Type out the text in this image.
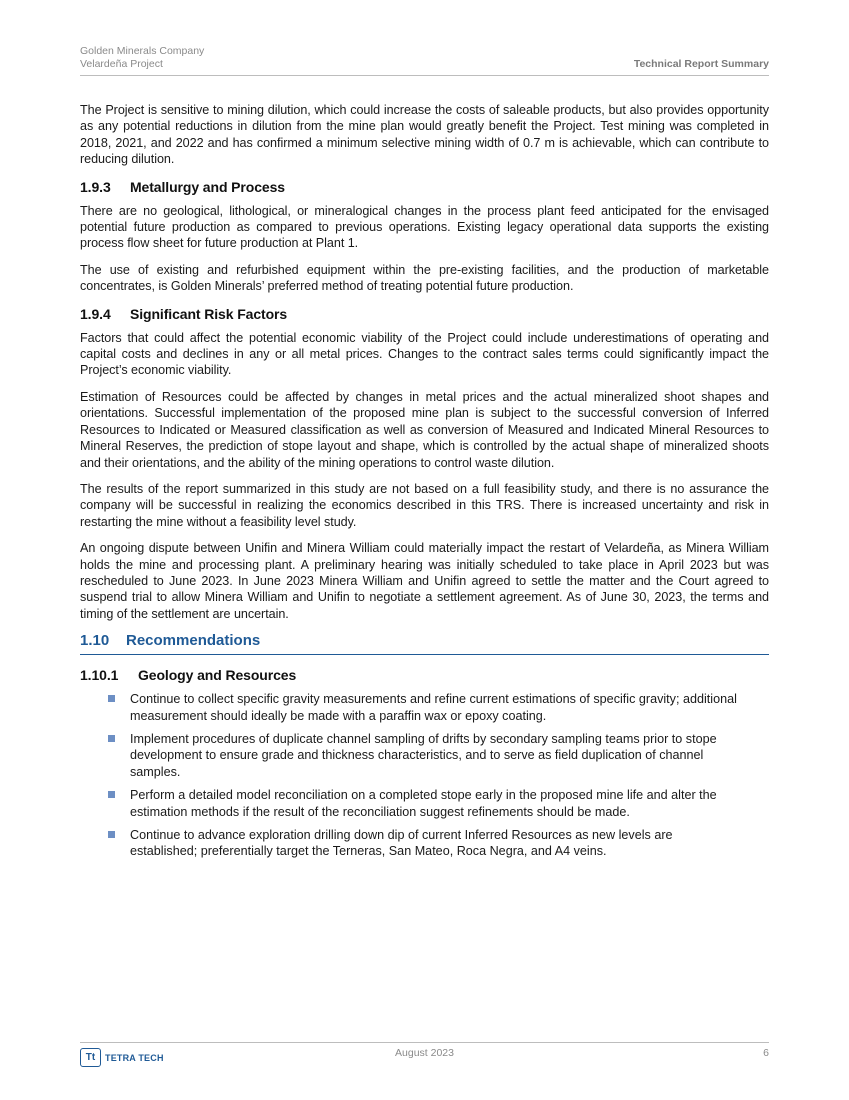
Golden Minerals Company
Velardeña Project	Technical Report Summary

The Project is sensitive to mining dilution, which could increase the costs of saleable products, but also provides opportunity as any potential reductions in dilution from the mine plan would greatly benefit the Project. Test mining was completed in 2018, 2021, and 2022 and has confirmed a minimum selective mining width of 0.7 m is achievable, which can contribute to reducing dilution.

1.9.3 Metallurgy and Process

There are no geological, lithological, or mineralogical changes in the process plant feed anticipated for the envisaged potential future production as compared to previous operations. Existing legacy operational data supports the existing process flow sheet for future production at Plant 1.

The use of existing and refurbished equipment within the pre-existing facilities, and the production of marketable concentrates, is Golden Minerals’ preferred method of treating potential future production.

1.9.4 Significant Risk Factors

Factors that could affect the potential economic viability of the Project could include underestimations of operating and capital costs and declines in any or all metal prices. Changes to the contract sales terms could significantly impact the Project’s economic viability.

Estimation of Resources could be affected by changes in metal prices and the actual mineralized shoot shapes and orientations. Successful implementation of the proposed mine plan is subject to the successful conversion of Inferred Resources to Indicated or Measured classification as well as conversion of Measured and Indicated Mineral Resources to Mineral Reserves, the prediction of stope layout and shape, which is controlled by the actual shape of mineralized shoots and their orientations, and the ability of the mining operations to control waste dilution.

The results of the report summarized in this study are not based on a full feasibility study, and there is no assurance the company will be successful in realizing the economics described in this TRS. There is increased uncertainty and risk in restarting the mine without a feasibility level study.

An ongoing dispute between Unifin and Minera William could materially impact the restart of Velardeña, as Minera William holds the mine and processing plant. A preliminary hearing was initially scheduled to take place in April 2023 but was rescheduled to June 2023. In June 2023 Minera William and Unifin agreed to settle the matter and the Court agreed to suspend trial to allow Minera William and Unifin to negotiate a settlement agreement. As of June 30, 2023, the terms and timing of the settlement are uncertain.

1.10 Recommendations
1.10.1 Geology and Resources
Continue to collect specific gravity measurements and refine current estimations of specific gravity; additional measurement should ideally be made with a paraffin wax or epoxy coating.
Implement procedures of duplicate channel sampling of drifts by secondary sampling teams prior to stope development to ensure grade and thickness characteristics, and to serve as field duplication of channel samples.
Perform a detailed model reconciliation on a completed stope early in the proposed mine life and alter the estimation methods if the result of the reconciliation suggest refinements should be made.
Continue to advance exploration drilling down dip of current Inferred Resources as new levels are established; preferentially target the Terneras, San Mateo, Roca Negra, and A4 veins.
Tt	TETRA TECH	August 2023	6
